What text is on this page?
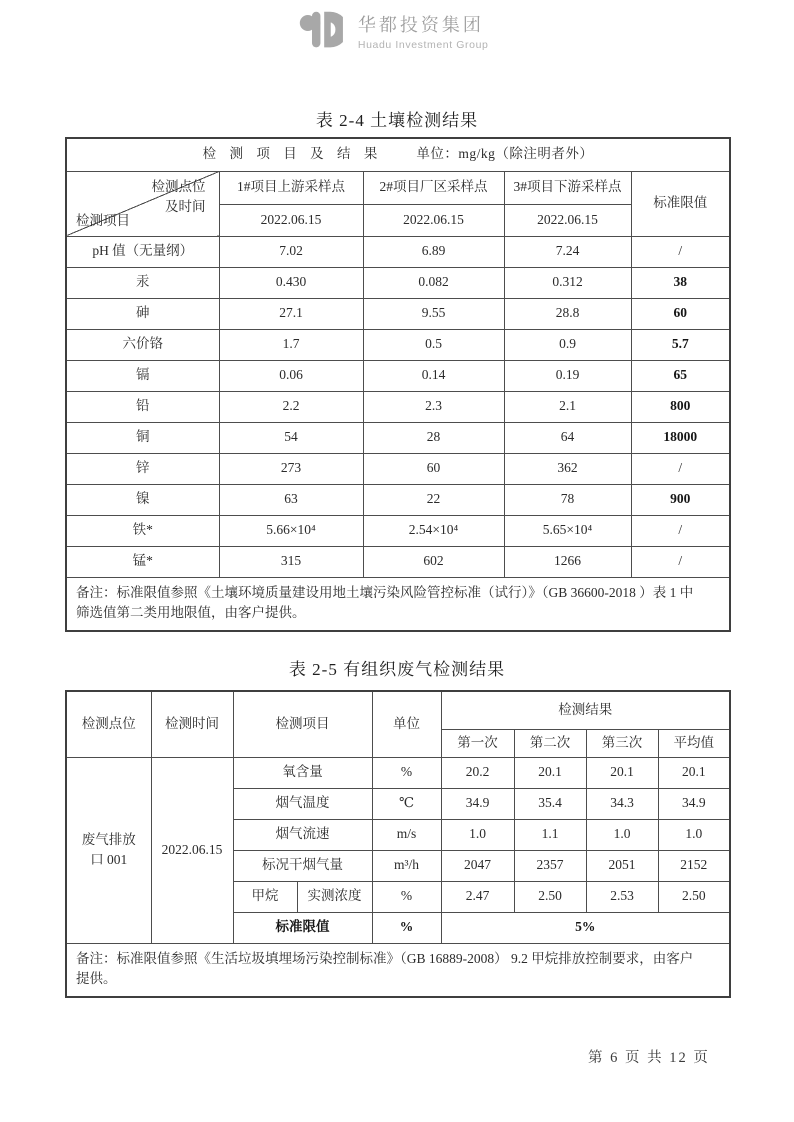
华都投资集团
Huadu Investment Group
表 2-4 土壤检测结果
检 测 项 目 及 结 果 单位：mg/kg（除注明者外）				

检测点位
及时间
检测项目	1#项目上游采样点	2#项目厂区采样点	3#项目下游采样点	标准限值
	2022.06.15	2022.06.15	2022.06.15	
pH 值（无量纲）	7.02	6.89	7.24	/
汞	0.430	0.082	0.312	38
砷	27.1	9.55	28.8	60
六价铬	1.7	0.5	0.9	5.7
镉	0.06	0.14	0.19	65
铅	2.2	2.3	2.1	800
铜	54	28	64	18000
锌	273	60	362	/
镍	63	22	78	900
铁*	5.66×10⁴	2.54×10⁴	5.65×10⁴	/
锰*	315	602	1266	/
备注：标准限值参照《土壤环境质量建设用地土壤污染风险管控标准（试行）》（GB 36600-2018 ）表 1 中
筛选值第二类用地限值，由客户提供。				
表 2-5 有组织废气检测结果
检测点位	检测时间	检测项目		单位	检测结果			
					第一次	第二次	第三次	平均值
废气排放口 001	2022.06.15	氧含量		%	20.2	20.1	20.1	20.1
		烟气温度		℃	34.9	35.4	34.3	34.9
		烟气流速		m/s	1.0	1.1	1.0	1.0
		标况干烟气量		m³/h	2047	2357	2051	2152
		甲烷	实测浓度	%	2.47	2.50	2.53	2.50
		标准限值		%	5%			
备注：标准限值参照《生活垃圾填埋场污染控制标准》（GB 16889-2008） 9.2 甲烷排放控制要求，由客户
提供。								
第 6 页 共 12 页
